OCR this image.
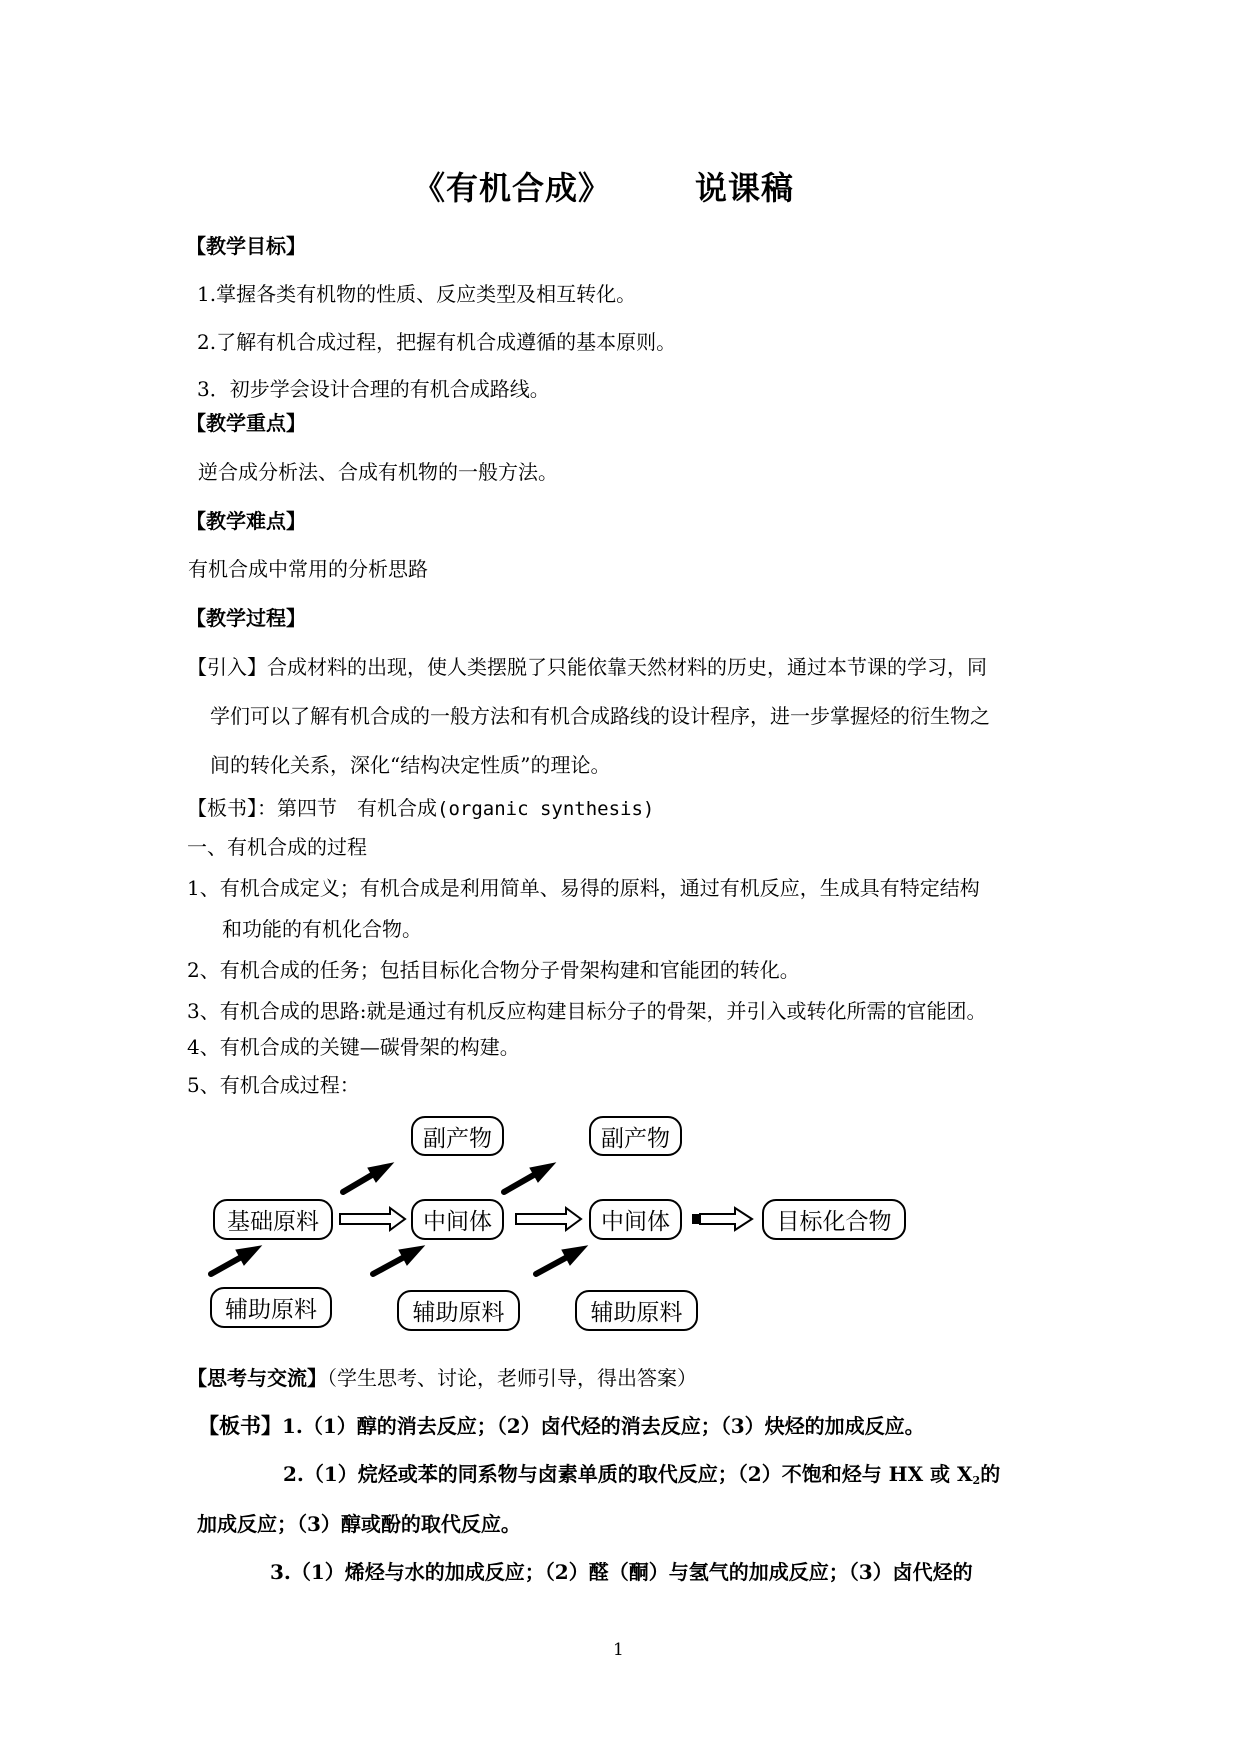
《有机合成》	说课稿
【教学目标】
1.掌握各类有机物的性质、反应类型及相互转化。
2.了解有机合成过程，把握有机合成遵循的基本原则。
3．初步学会设计合理的有机合成路线。
【教学重点】
逆合成分析法、合成有机物的一般方法。
【教学难点】
有机合成中常用的分析思路
【教学过程】
【引入】合成材料的出现，使人类摆脱了只能依靠天然材料的历史，通过本节课的学习，同
学们可以了解有机合成的一般方法和有机合成路线的设计程序，进一步掌握烃的衍生物之
间的转化关系，深化“结构决定性质”的理论。
【板书】：第四节　有机合成(organic synthesis)
一、有机合成的过程
1、有机合成定义；有机合成是利用简单、易得的原料，通过有机反应，生成具有特定结构
和功能的有机化合物。
2、有机合成的任务；包括目标化合物分子骨架构建和官能团的转化。
3、有机合成的思路:就是通过有机反应构建目标分子的骨架，并引入或转化所需的官能团。
4、有机合成的关键—碳骨架的构建。
5、有机合成过程：
副产物	副产物
基础原料	中间体	中间体	目标化合物
辅助原料	辅助原料	辅助原料
【思考与交流】（学生思考、讨论，老师引导，得出答案）
【板书】1.（1）醇的消去反应；（2）卤代烃的消去反应；（3）炔烃的加成反应。
2.（1）烷烃或苯的同系物与卤素单质的取代反应；（2）不饱和烃与 HX 或 $X_2$的
加成反应；（3）醇或酚的取代反应。
3.（1）烯烃与水的加成反应；（2）醛（酮）与氢气的加成反应；（3）卤代烃的
1
